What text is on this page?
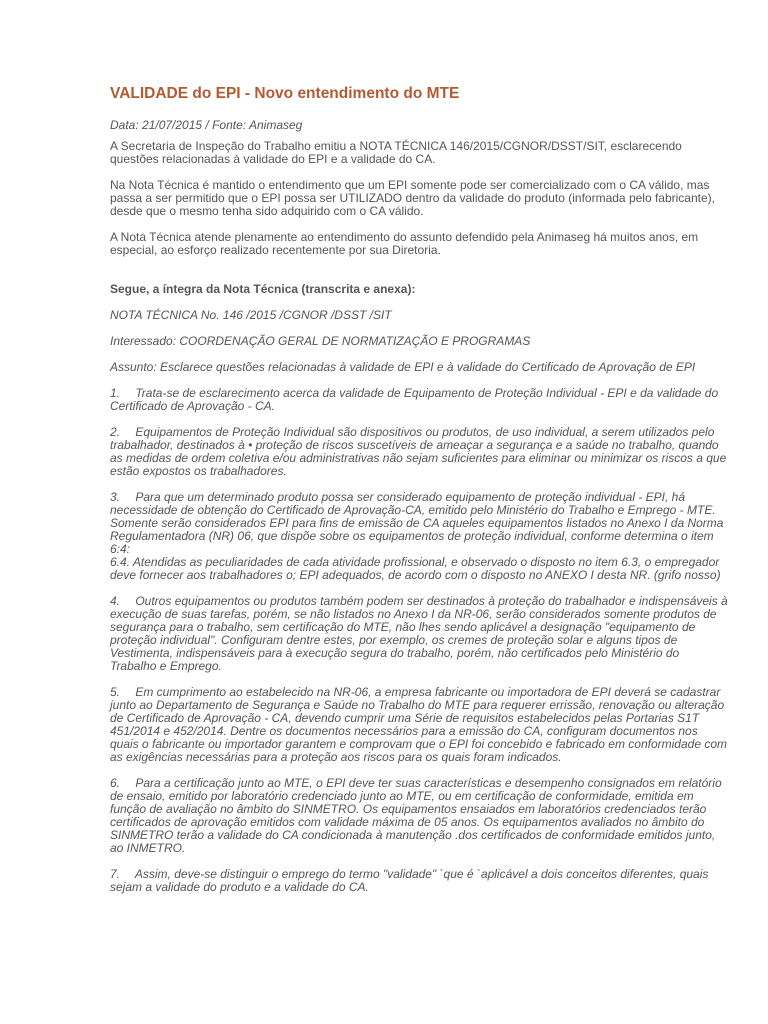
VALIDADE do EPI - Novo entendimento do MTE
Data: 21/07/2015 / Fonte: Animaseg

A Secretaria de Inspeção do Trabalho emitiu a NOTA TÉCNICA 146/2015/CGNOR/DSST/SIT, esclarecendo questões relacionadas à validade do EPI e a validade do CA.

Na Nota Técnica é mantido o entendimento que um EPI somente pode ser comercializado com o CA válido, mas passa a ser permitido que o EPI possa ser UTILIZADO dentro da validade do produto (informada pelo fabricante), desde que o mesmo tenha sido adquirido com o CA válido.

A Nota Técnica atende plenamente ao entendimento do assunto defendido pela Animaseg há muitos anos, em especial, ao esforço realizado recentemente por sua Diretoria.

Segue, a íntegra da Nota Técnica (transcrita e anexa):

NOTA TÉCNICA No. 146 /2015 /CGNOR /DSST /SIT

Interessado: COORDENAÇÃO GERAL DE NORMATIZAÇÃO E PROGRAMAS

Assunto: Esclarece questões relacionadas à validade de EPI e à validade do Certificado de Aprovação de EPI

1. Trata-se de esclarecimento acerca da validade de Equipamento de Proteção Individual - EPI e da validade do Certificado de Aprovação - CA.
2. Equipamentos de Proteção Individual são dispositivos ou produtos, de uso individual, a serem utilizados pelo trabalhador, destinados à • proteção de riscos suscetíveis de ameaçar a segurança e a saúde no trabalho, quando as medidas de ordem coletiva e/ou administrativas não sejam suficientes para eliminar ou minimizar os riscos a que estão expostos os trabalhadores.
3. Para que um determinado produto possa ser considerado equipamento de proteção individual - EPI, há necessidade de obtenção do Certificado de Aprovação-CA, emitido pelo Ministério do Trabalho e Emprego - MTE. Somente serão considerados EPI para fins de emissão de CA aqueles equipamentos listados no Anexo I da Norma Regulamentadora (NR) 06, que dispõe sobre os equipamentos de proteção individual, conforme determina o item 6:4:
6.4. Atendidas as peculiaridades de cada atividade profissional, e observado o disposto no item 6.3, o empregador deve fornecer aos trabalhadores o; EPI adequados, de acordo com o disposto no ANEXO I desta NR. (grifo nosso)
4. Outros equipamentos ou produtos também podem ser destinados à proteção do trabalhador e indispensáveis à execução de suas tarefas, porém, se não listados no Anexo I da NR-06, serão considerados somente produtos de segurança para o trabalho, sem certificação do MTE, não lhes sendo aplicável a designação "equipamento de proteção individual". Configuram dentre estes, por exemplo, os cremes de proteção solar e alguns tipos de Vestimenta, indispensáveis para à execução segura do trabalho, porém, não certificados pelo Ministério do Trabalho e Emprego.
5. Em cumprimento ao estabelecido na NR-06, a empresa fabricante ou importadora de EPI deverá se cadastrar junto ao Departamento de Segurança e Saúde no Trabalho do MTE para requerer errissão, renovação ou alteração de Certificado de Aprovação - CA, devendo cumprir uma Série de requisitos estabelecidos pelas Portarias S1T 451/2014 e 452/2014. Dentre os documentos necessários para a emissão do CA, configuram documentos nos quais o fabricante ou importador garantem e comprovam que o EPI foi concebido e fabricado em conformidade com as exigências necessárias para a proteção aos riscos para os quais foram indicados.
6. Para a certificação junto ao MTE, o EPI deve ter suas características e desempenho consignados em relatório de ensaio, emitido por laboratório credenciado junto ao MTE, ou em certificação de conformidade, emitida em função de avaliação no âmbito do SINMETRO. Os equipamentos ensaiados em laboratórios credenciados terão certificados de aprovação emitidos com validade máxima de 05 anos. Os equipamentos avaliados no âmbito do SINMETRO terão a validade do CA condicionada à manutenção .dos certificados de conformidade emitidos junto, ao INMETRO.
7. Assim, deve-se distinguir o emprego do termo "validade" `que é `aplicável a dois conceitos diferentes, quais sejam a validade do produto e a validade do CA.
